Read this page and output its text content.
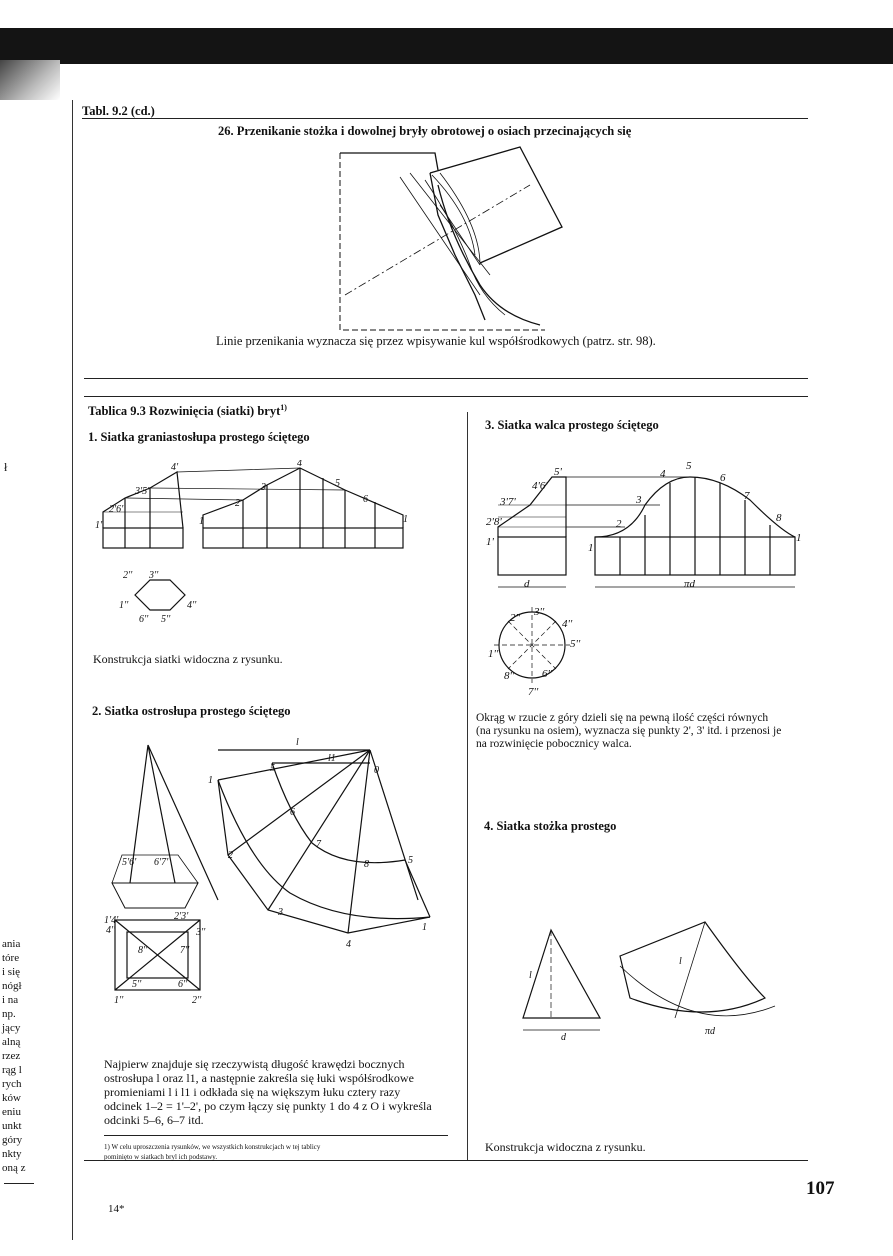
ł
ania
tóre
i się
nógł
i na
np.
jący
alną
rzez
rąg l
rych
ków
eniu
unkt
góry
nkty
oną z
Tabl. 9.2 (cd.)
26. Przenikanie stożka i dowolnej bryły obrotowej o osiach przecinających się
Linie przenikania wyznacza się przez wpisywanie kul współśrodkowych (patrz. str. 98).
Tablica 9.3 Rozwinięcia (siatki) bryt$^{1)}$
1. Siatka graniastosłupa prostego ściętego
1'
2'6'
3'5'
4'
1
2
3
4
5
6
1
2'' 3''
1''	4''
6'' 5''
Konstrukcja siatki widoczna z rysunku.
2. Siatka ostrosłupa prostego ściętego
l
l1
5	0
1
6
7
2
8	5
3
4
1
5'6' 6'7'
1'4'	2'3'
4''	3''
8''	7''
5''	6''
1''	2''
Najpierw znajduje się rzeczywistą długość krawędzi bocznych
ostrosłupa l oraz l1, a następnie zakreśla się łuki współśrodkowe
promieniami l i l1 i odkłada się na większym łuku cztery razy
odcinek 1–2 = 1'–2', po czym łączy się punkty 1 do 4 z O i wykreśla
odcinki 5–6, 6–7 itd.
1) W celu uproszczenia rysunków, we wszystkich konstrukcjach w tej tablicy
pominięto w siatkach bryl ich podstawy.
3. Siatka walca prostego ściętego
5'
4'6'
3'7'
2'8'
1'
5
4	6
3	7
2	8
1
1
d	πd
2'' 3''
4''
1''
5''
8''	6''
7''
Okrąg w rzucie z góry dzieli się na pewną ilość części równych
(na rysunku na osiem), wyznacza się punkty 2', 3' itd. i przenosi je
na rozwinięcie pobocznicy walca.
4. Siatka stożka prostego
l
d
l
πd
Konstrukcja widoczna z rysunku.
107
14*
